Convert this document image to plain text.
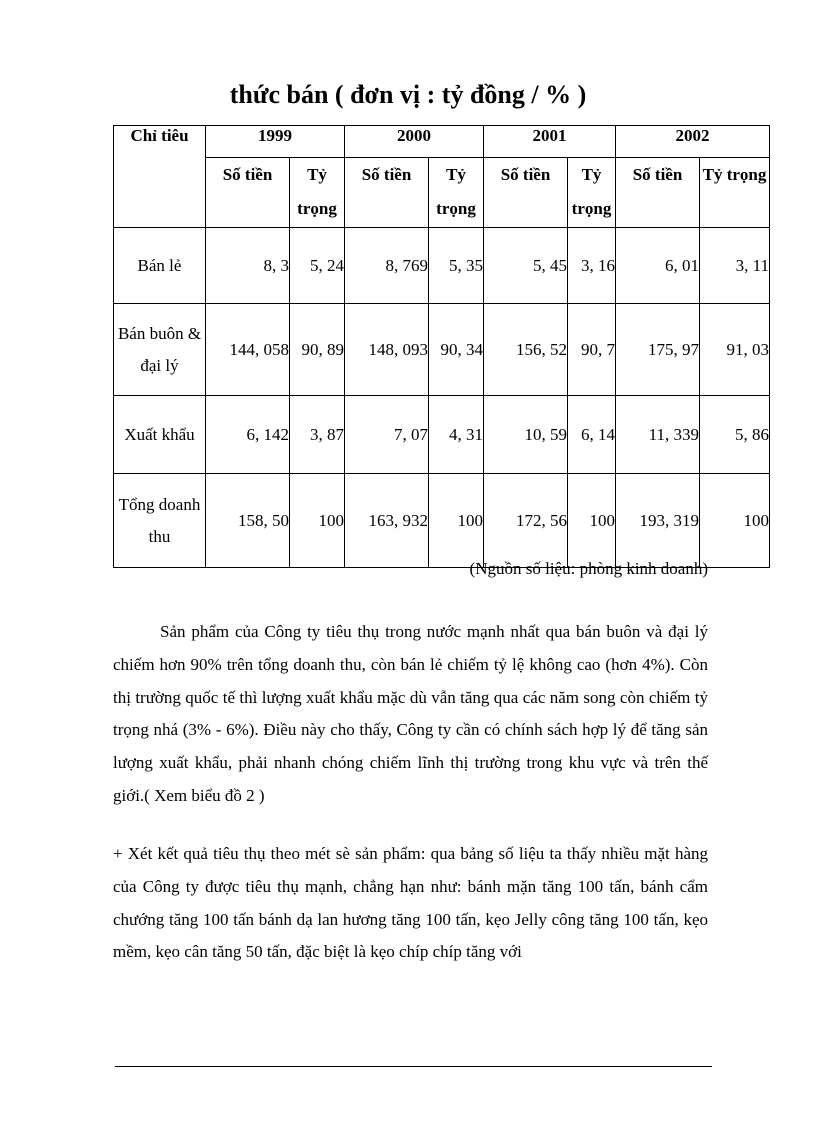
thức bán ( đơn vị : tỷ đồng / % )
Chỉ tiêu	1999		2000		2001		2002	
	Số tiền	Tỷ trọng	Số tiền	Tỷ trọng	Số tiền	Tỷ trọng	Số tiền	Tỷ trọng
Bán lẻ	8, 3	5, 24	8, 769	5, 35	5, 45	3, 16	6, 01	3, 11
Bán buôn & đại lý	144, 058	90, 89	148, 093	90, 34	156, 52	90, 7	175, 97	91, 03
Xuất khẩu	6, 142	3, 87	7, 07	4, 31	10, 59	6, 14	11, 339	5, 86
Tổng doanh thu	158, 50	100	163, 932	100	172, 56	100	193, 319	100
(Nguồn số liệu: phòng kinh doanh)

Sản phẩm của Công ty tiêu thụ trong nước mạnh nhất qua bán buôn và đại lý chiếm hơn 90% trên tổng doanh thu, còn bán lẻ chiếm tỷ lệ không cao (hơn 4%). Còn thị trường quốc tế thì lượng xuất khẩu mặc dù vẫn tăng qua các năm song còn chiếm tỷ trọng nhá (3% - 6%). Điều này cho thấy, Công ty cần có chính sách hợp lý để tăng sản lượng xuất khẩu, phải nhanh chóng chiếm lĩnh thị trường trong khu vực và trên thế giới.( Xem biểu đồ 2 )

+ Xét kết quả tiêu thụ theo mét sè sản phẩm: qua bảng số liệu ta thấy nhiều mặt hàng của Công ty được tiêu thụ mạnh, chẳng hạn như: bánh mặn tăng 100 tấn, bánh cẩm chướng tăng 100 tấn bánh dạ lan hương tăng 100 tấn, kẹo Jelly công tăng 100 tấn, kẹo mềm, kẹo cân tăng 50 tấn, đặc biệt là kẹo chíp chíp tăng với
